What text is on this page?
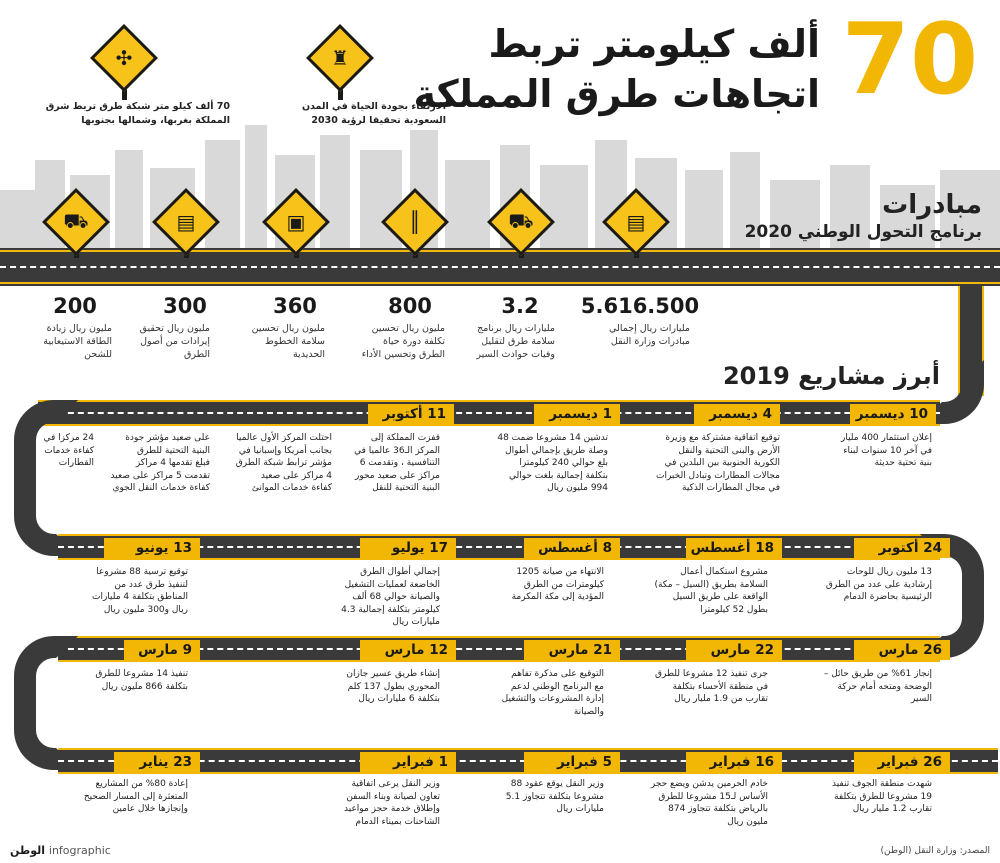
70
ألف كيلومتر تربط
اتجاهات طرق المملكة
✣
70 ألف كيلو متر شبكة طرق تربط شرق
المملكة بغربها، وشمالها بجنوبها
♜
الارتقاء بجودة الحياة في المدن
السعودية تحقيقا لرؤية 2030
مبادرات
برنامج التحول الوطني 2020
▤
⛟
║
▣
▤
⛟
5.616.500
مليارات ريال إجمالي
مبادرات وزارة النقل
3.2
مليارات ريال برنامج
سلامة طرق لتقليل
وفيات حوادث السير
800
مليون ريال تحسين
تكلفة دورة حياة
الطرق وتحسين الأداء
360
مليون ريال تحسين
سلامة الخطوط
الحديدية
300
مليون ريال تحقيق
إيرادات من أصول
الطرق
200
مليون ريال زيادة
الطاقة الاستيعابية
للشحن
أبرز مشاريع 2019
10 ديسمبر
إعلان استثمار 400 مليار
في آخر 10 سنوات لبناء
بنية تحتية حديثة
4 ديسمبر
توقيع اتفاقية مشتركة مع وزيرة
الأرض والبنى التحتية والنقل
الكورية الجنوبية بين البلدين في
مجالات المطارات وتبادل الخبرات
في مجال المطارات الذكية
1 ديسمبر
تدشين 14 مشروعا ضمت 48
وصلة طريق بإجمالي أطوال
بلغ حوالي 240 كيلومترا
بتكلفة إجمالية بلغت حوالي
994 مليون ريال
11 أكتوبر
قفزت المملكة إلى
المركز الـ36 عالميا في
التنافسية ، وتقدمت 6
مراكز على صعيد محور
البنية التحتية للنقل
احتلت المركز الأول عالميا
بجانب أمريكا وإسبانيا في
مؤشر ترابط شبكة الطرق
4 مراكز على صعيد
كفاءة خدمات الموانئ
على صعيد مؤشر جودة
البنية التحتية للطرق
فبلغ تقدمها 4 مراكز
تقدمت 5 مراكز على صعيد
كفاءة خدمات النقل الجوي
24 مركزا في
كفاءة خدمات
القطارات
24 أكتوبر
13 مليون ريال للوحات
إرشادية على عدد من الطرق
الرئيسية بحاضرة الدمام
18 أغسطس
مشروع استكمال أعمال
السلامة بطريق (السيل – مكة)
الواقعة على طريق السيل
بطول 52 كيلومترا
8 أغسطس
الانتهاء من صيانة 1205
كيلومترات من الطرق
المؤدية إلى مكة المكرمة
17 يوليو
إجمالي أطوال الطرق
الخاضعة لعمليات التشغيل
والصيانة حوالي 68 ألف
كيلومتر بتكلفة إجمالية 4.3
مليارات ريال
13 يونيو
توقيع ترسية 88 مشروعا
لتنفيذ طرق عدد من
المناطق بتكلفة 4 مليارات
ريال و300 مليون ريال
26 مارس
إنجاز 61% من طريق حائل –
الوضحة ومتحه أمام حركة
السير
22 مارس
جرى تنفيذ 12 مشروعا للطرق
في منطقة الأحساء بتكلفة
تقارب من 1.9 مليار ريال
21 مارس
التوقيع على مذكرة تفاهم
مع البرنامج الوطني لدعم
إدارة المشروعات والتشغيل
والصيانة
12 مارس
إنشاء طريق عسير جازان
المحوري بطول 137 كلم
بتكلفة 6 مليارات ريال
9 مارس
تنفيذ 14 مشروعا للطرق
بتكلفة 866 مليون ريال
26 فبراير
شهدت منطقة الجوف تنفيذ
19 مشروعا للطرق بتكلفة
تقارب 1.2 مليار ريال
16 فبراير
خادم الحرمين يدشن ويضع حجر
الأساس لـ15 مشروعا للطرق
بالرياض بتكلفة تتجاوز 874
مليون ريال
5 فبراير
وزير النقل يوقع عقود 88
مشروعا بتكلفة تتجاوز 5.1
مليارات ريال
1 فبراير
وزير النقل يرعى اتفاقية
تعاون لصيانة وبناء السفن
وإطلاق خدمة حجز مواعيد
الشاحنات بميناء الدمام
23 يناير
إعادة 80% من المشاريع
المتعثرة إلى المسار الصحيح
وإنجازها خلال عامين
المصدر: وزارة النقل (الوطن)
الوطن infographic
